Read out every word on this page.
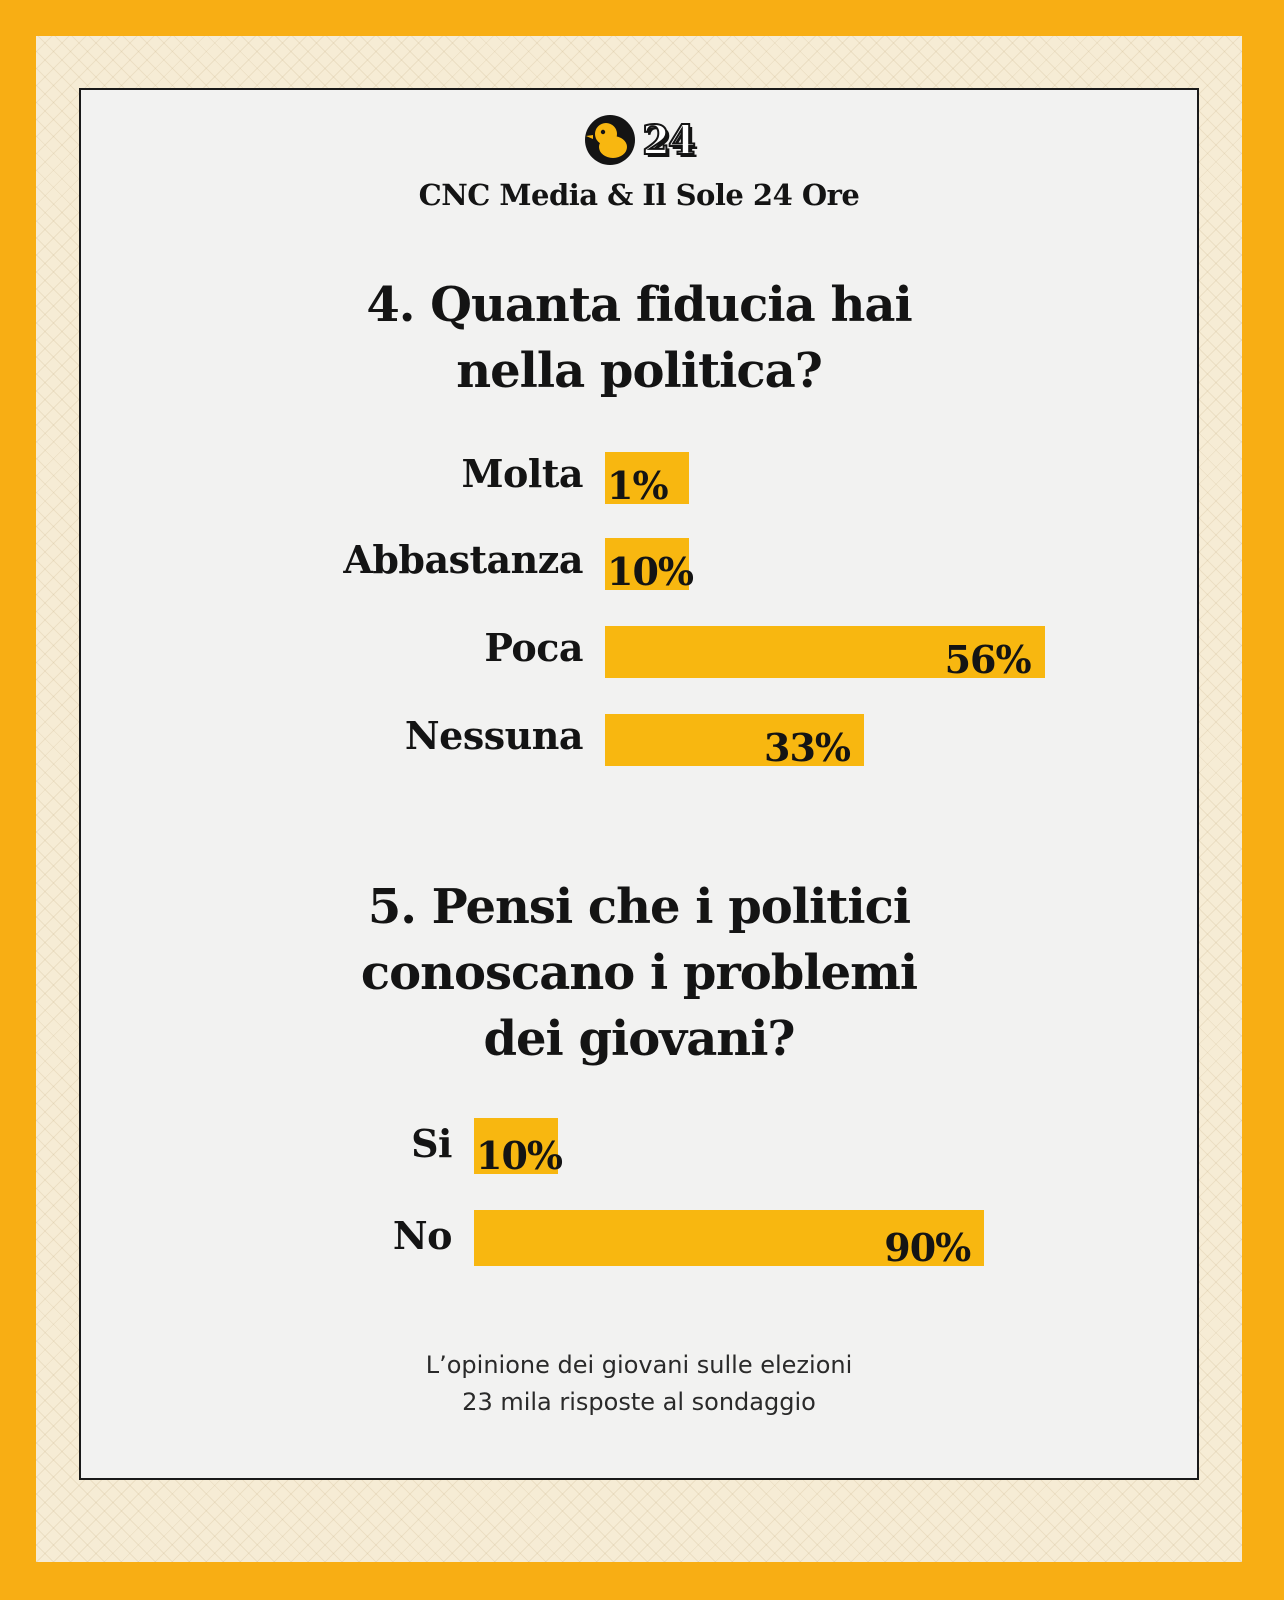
24
CNC Media & Il Sole 24 Ore
4. Quanta fiducia hai
nella politica?
Molta 1%
Abbastanza 10%
Poca	56%
Nessuna	33%
5. Pensi che i politici
conoscano i problemi
dei giovani?
Si 10%
No	90%
L’opinione dei giovani sulle elezioni
23 mila risposte al sondaggio
